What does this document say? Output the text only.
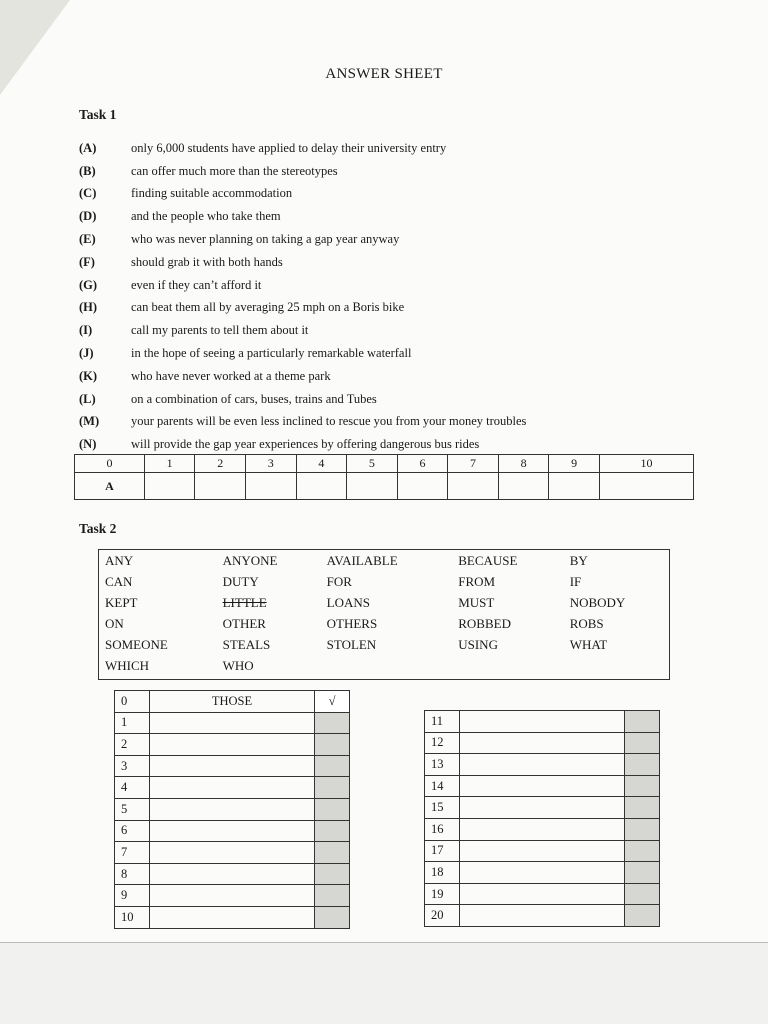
ANSWER SHEET
Task 1
(A)	only 6,000 students have applied to delay their university entry
(B)	can offer much more than the stereotypes
(C)	finding suitable accommodation
(D)	and the people who take them
(E)	who was never planning on taking a gap year anyway
(F)	should grab it with both hands
(G)	even if they can’t afford it
(H)	can beat them all by averaging 25 mph on a Boris bike
(I)	call my parents to tell them about it
(J)	in the hope of seeing a particularly remarkable waterfall
(K)	who have never worked at a theme park
(L)	on a combination of cars, buses, trains and Tubes
(M)	your parents will be even less inclined to rescue you from your money troubles
(N)	will provide the gap year experiences by offering dangerous bus rides
0	1	2	3	4	5	6	7	8	9	10
A										
Task 2
ANY	ANYONE	AVAILABLE	BECAUSE	BY
CAN	DUTY	FOR	FROM	IF
KEPT	LITTLE	LOANS	MUST	NOBODY
ON	OTHER	OTHERS	ROBBED	ROBS
SOMEONE	STEALS	STOLEN	USING	WHAT
WHICH	WHO			
0	THOSE	√
1		
2		
3		
4		
5		
6		
7		
8		
9		
10		
11		
12		
13		
14		
15		
16		
17		
18		
19		
20		
